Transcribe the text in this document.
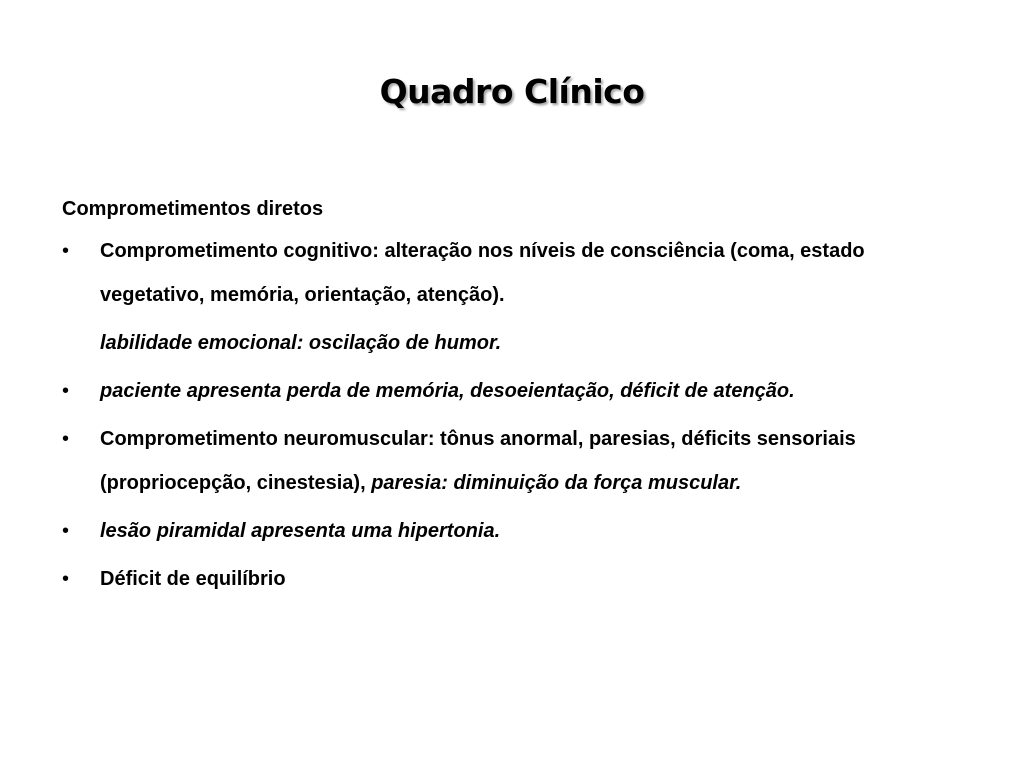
Quadro Clínico
Comprometimentos diretos
•	Comprometimento cognitivo: alteração nos níveis de consciência (coma, estado vegetativo, memória, orientação, atenção).
labilidade emocional: oscilação de humor.
•	paciente apresenta perda de memória, desoeientação, déficit de atenção.
•	Comprometimento neuromuscular: tônus anormal, paresias, déficits sensoriais (propriocepção, cinestesia), paresia: diminuição da força muscular.
•	lesão piramidal apresenta uma hipertonia.
•	Déficit de equilíbrio
